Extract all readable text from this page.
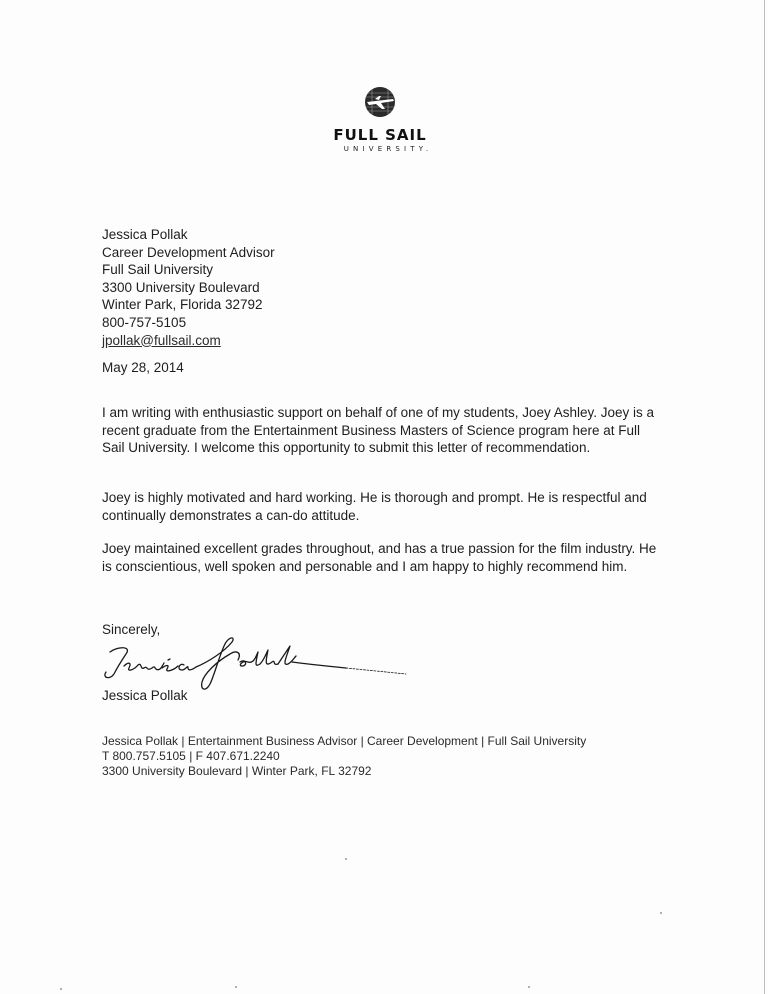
FULL SAIL
UNIVERSITY.
Jessica Pollak
Career Development Advisor
Full Sail University
3300 University Boulevard
Winter Park, Florida 32792
800-757-5105
jpollak@fullsail.com
May 28, 2014
I am writing with enthusiastic support on behalf of one of my students, Joey Ashley. Joey is a recent graduate from the Entertainment Business Masters of Science program here at Full Sail University. I welcome this opportunity to submit this letter of recommendation.
Joey is highly motivated and hard working. He is thorough and prompt. He is respectful and continually demonstrates a can-do attitude.
Joey maintained excellent grades throughout, and has a true passion for the film industry. He is conscientious, well spoken and personable and I am happy to highly recommend him.
Sincerely,
Jessica Pollak
Jessica Pollak | Entertainment Business Advisor | Career Development | Full Sail University
T 800.757.5105 | F 407.671.2240
3300 University Boulevard | Winter Park, FL 32792
